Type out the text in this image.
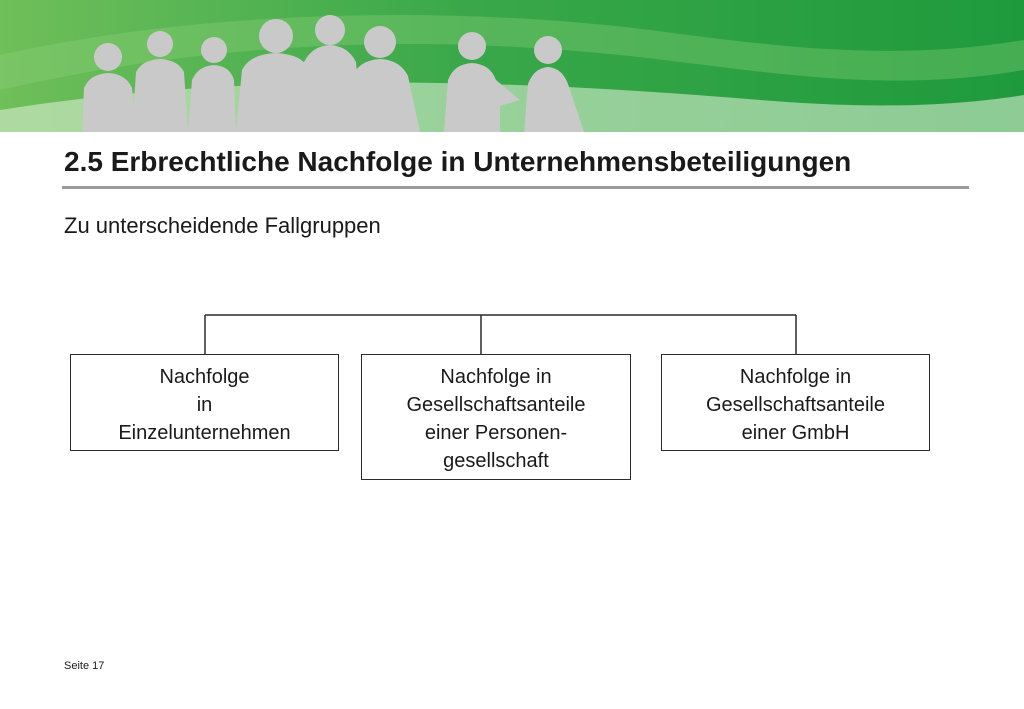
2.5 Erbrechtliche Nachfolge in Unternehmensbeteiligungen
Zu unterscheidende Fallgruppen
Nachfolge
in
Einzelunternehmen
Nachfolge in
Gesellschaftsanteile
einer Personen-
gesellschaft
Nachfolge in
Gesellschaftsanteile
einer GmbH
Seite 17
